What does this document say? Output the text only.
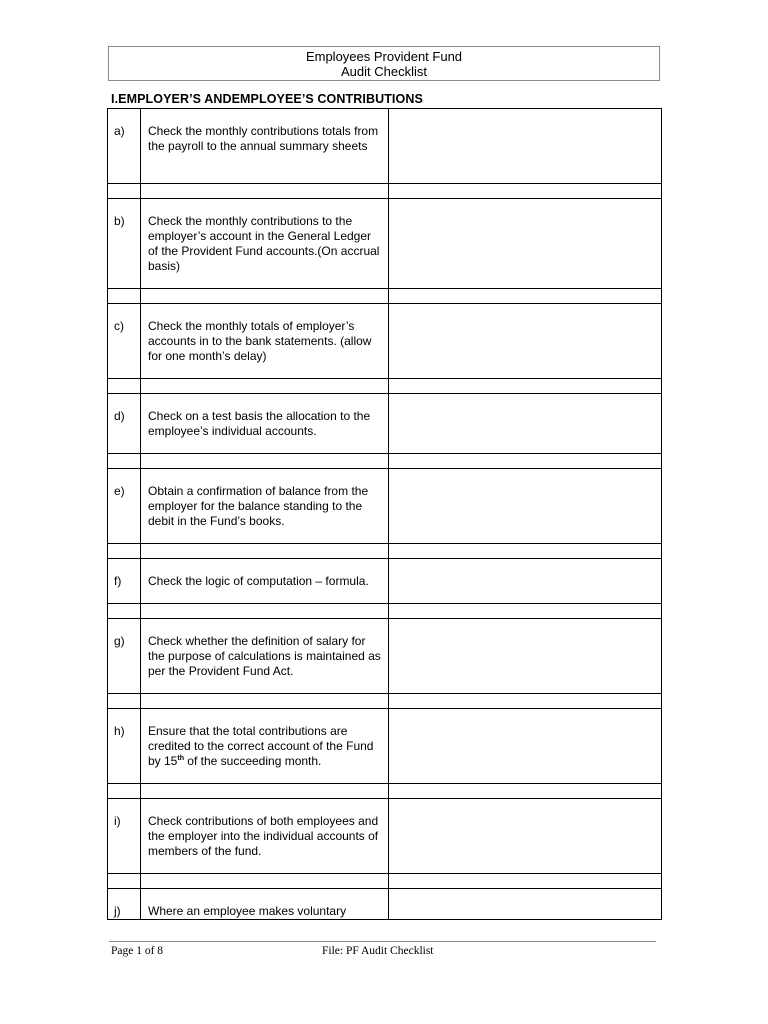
Employees Provident Fund
Audit Checklist
I.EMPLOYER’S ANDEMPLOYEE’S CONTRIBUTIONS
a)	Check the monthly contributions totals from the payroll to the annual summary sheets	

b)	Check the monthly contributions to the employer’s account in the General Ledger of the Provident Fund accounts.(On accrual basis)	

c)	Check the monthly totals of employer’s accounts in to the bank statements. (allow for one month’s delay)	

d)	Check on a test basis the allocation to the employee’s individual accounts.	

e)	Obtain a confirmation of balance from the employer for the balance standing to the debit in the Fund’s books.	

f)	Check the logic of computation – formula.	

g)	Check whether the definition of salary for the purpose of calculations is maintained as per the Provident Fund Act.	

h)	Ensure that the total contributions are credited to the correct account of the Fund by 15th of the succeeding month.	

i)	Check contributions of both employees and the employer into the individual accounts of members of the fund.	

j)	Where an employee makes voluntary	
Page 1 of 8	File: PF Audit Checklist
